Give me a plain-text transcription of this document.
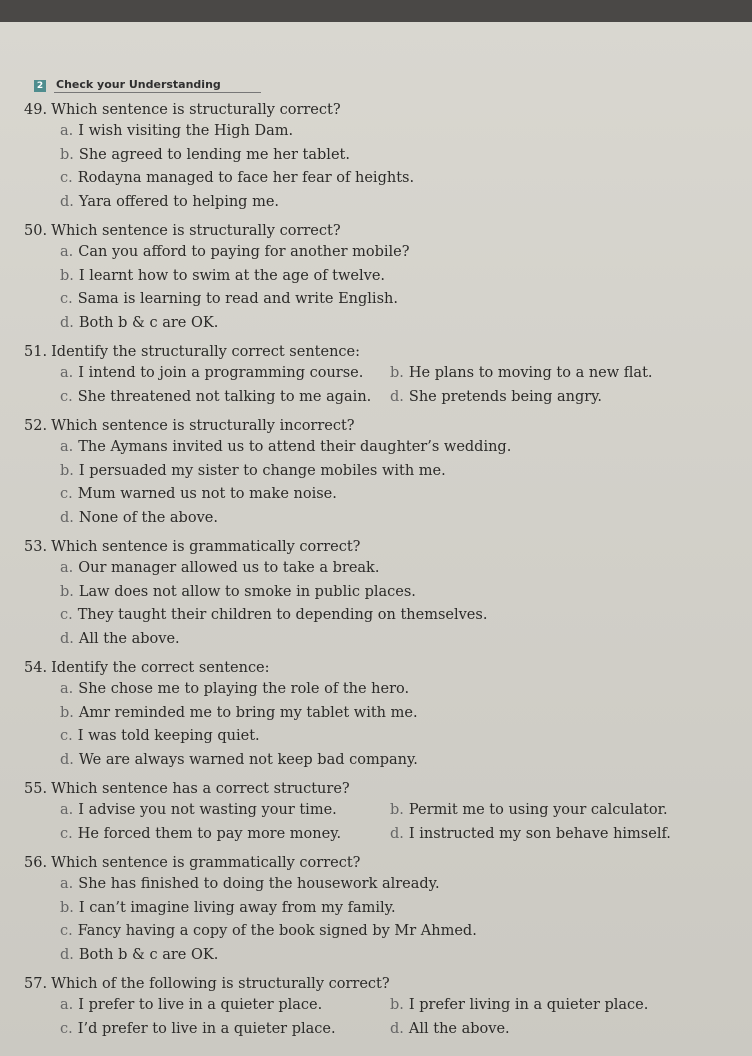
2 Check your Understanding
49. Which sentence is structurally correct?
a. I wish visiting the High Dam.
b. She agreed to lending me her tablet.
c. Rodayna managed to face her fear of heights.
d. Yara offered to helping me.
50. Which sentence is structurally correct?
a. Can you afford to paying for another mobile?
b. I learnt how to swim at the age of twelve.
c. Sama is learning to read and write English.
d. Both b & c are OK.
51. Identify the structurally correct sentence:
a. I intend to join a programming course.	b. He plans to moving to a new flat.
c. She threatened not talking to me again.	d. She pretends being angry.
52. Which sentence is structurally incorrect?
a. The Aymans invited us to attend their daughter’s wedding.
b. I persuaded my sister to change mobiles with me.
c. Mum warned us not to make noise.
d. None of the above.
53. Which sentence is grammatically correct?
a. Our manager allowed us to take a break.
b. Law does not allow to smoke in public places.
c. They taught their children to depending on themselves.
d. All the above.
54. Identify the correct sentence:
a. She chose me to playing the role of the hero.
b. Amr reminded me to bring my tablet with me.
c. I was told keeping quiet.
d. We are always warned not keep bad company.
55. Which sentence has a correct structure?
a. I advise you not wasting your time.	b. Permit me to using your calculator.
c. He forced them to pay more money.	d. I instructed my son behave himself.
56. Which sentence is grammatically correct?
a. She has finished to doing the housework already.
b. I can’t imagine living away from my family.
c. Fancy having a copy of the book signed by Mr Ahmed.
d. Both b & c are OK.
57. Which of the following is structurally correct?
a. I prefer to live in a quieter place.	b. I prefer living in a quieter place.
c. I’d prefer to live in a quieter place.	d. All the above.
